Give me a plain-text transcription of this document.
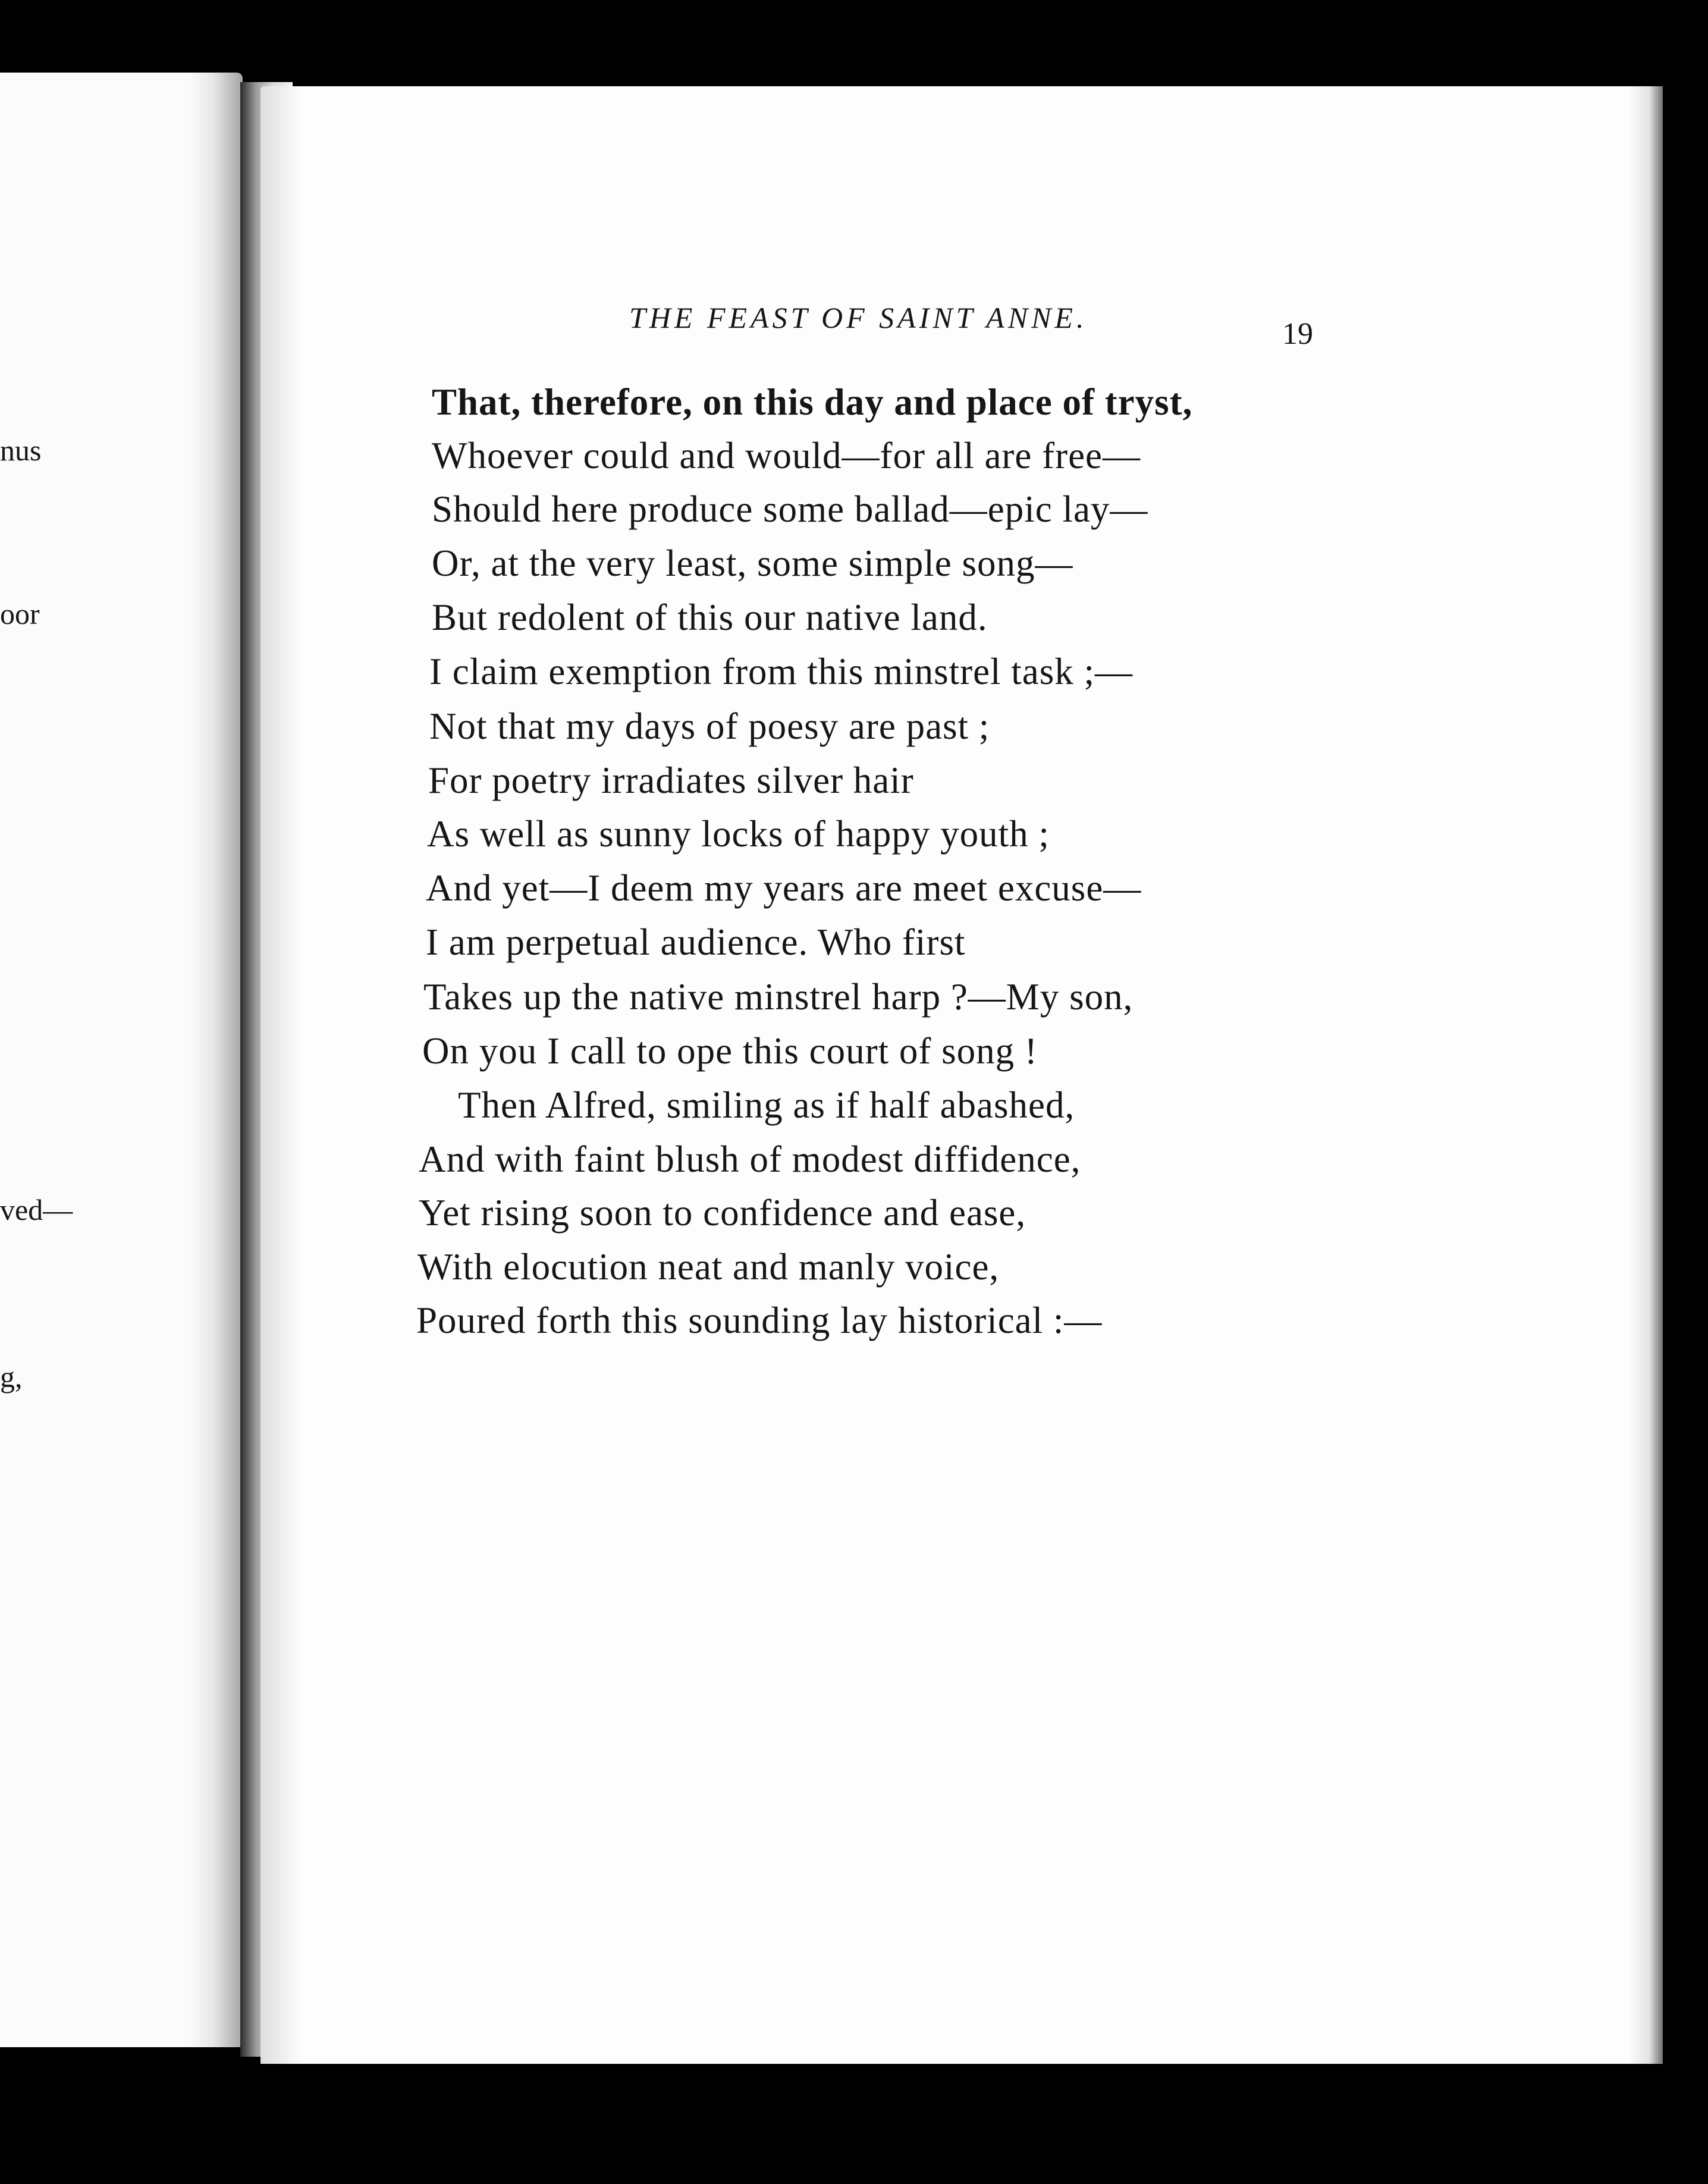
nus
oor
ved—
g,
THE FEAST OF SAINT ANNE.	19
That, therefore, on this day and place of tryst,
Whoever could and would—for all are free—
Should here produce some ballad—epic lay—
Or, at the very least, some simple song—
But redolent of this our native land.
I claim exemption from this minstrel task ;—
Not that my days of poesy are past ;
For poetry irradiates silver hair
As well as sunny locks of happy youth ;
And yet—I deem my years are meet excuse—
I am perpetual audience. Who first
Takes up the native minstrel harp ?—My son,
On you I call to ope this court of song !
Then Alfred, smiling as if half abashed,
And with faint blush of modest diffidence,
Yet rising soon to confidence and ease,
With elocution neat and manly voice,
Poured forth this sounding lay historical :—
